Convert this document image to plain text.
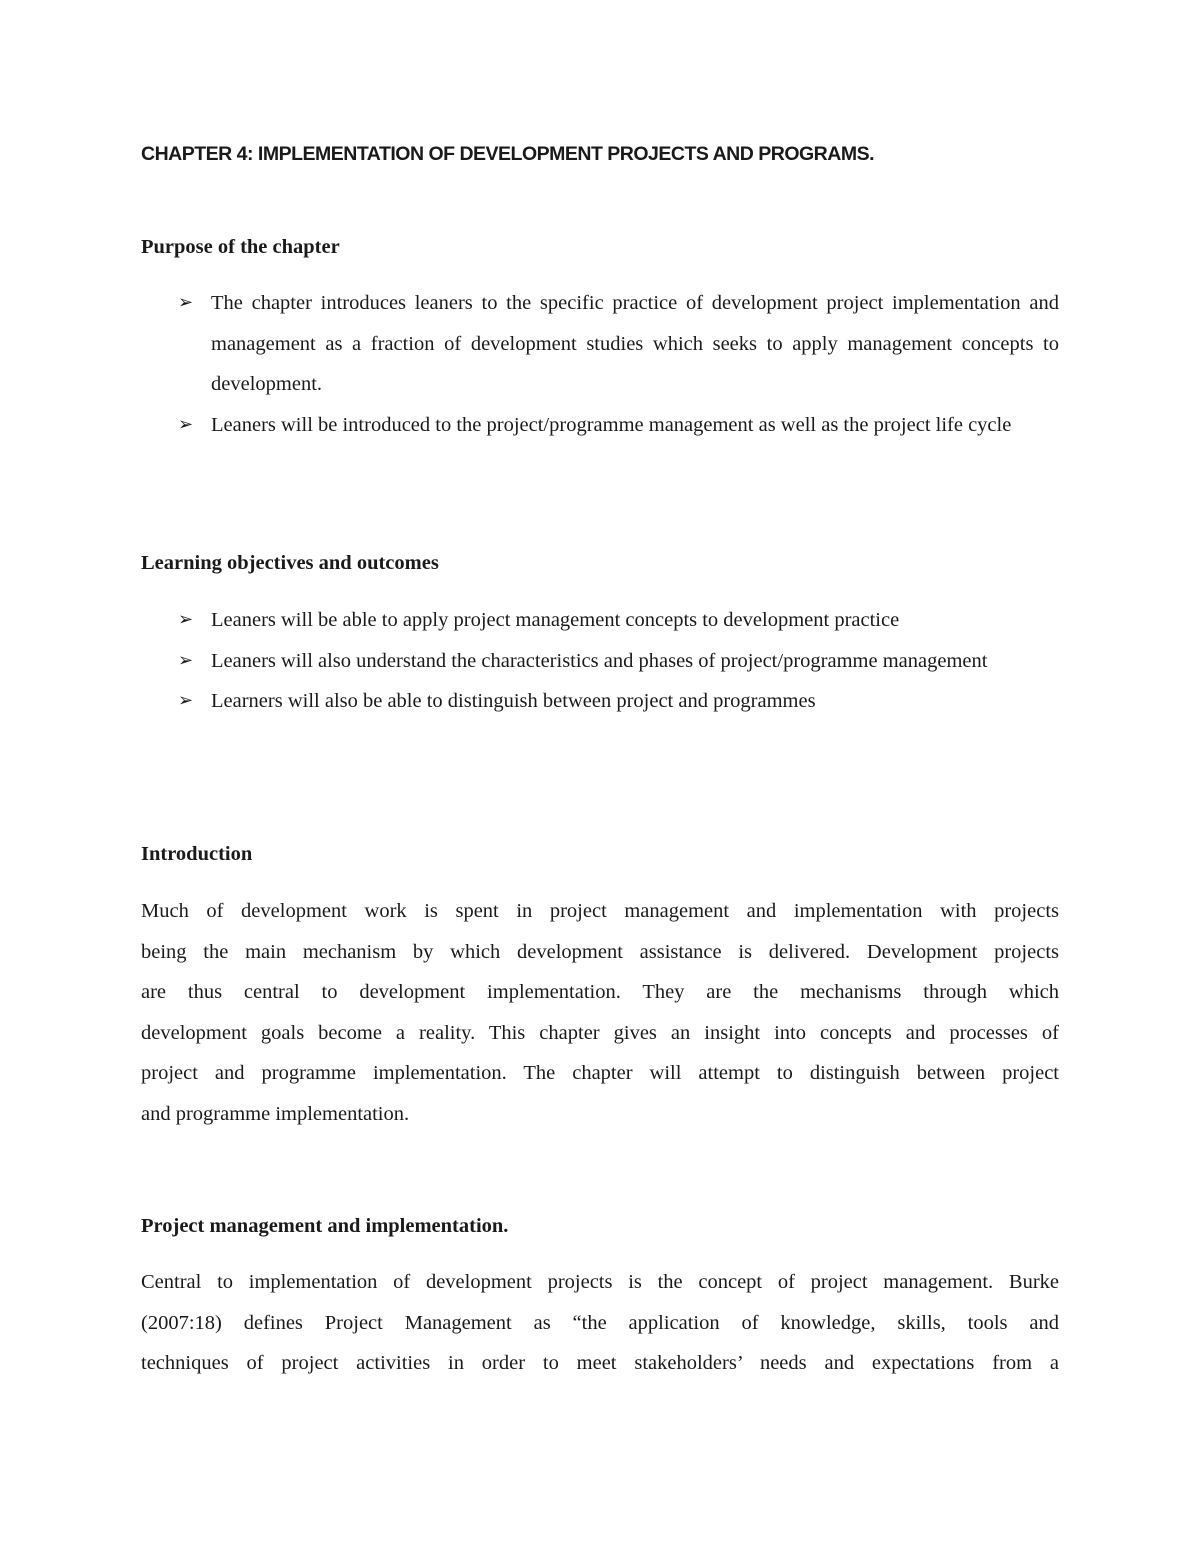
CHAPTER 4: IMPLEMENTATION OF DEVELOPMENT PROJECTS AND PROGRAMS.
Purpose of the chapter
➢ The chapter introduces leaners to the specific practice of development project implementation and management as a fraction of development studies which seeks to apply management concepts to development.
➢ Leaners will be introduced to the project/programme management as well as the project life cycle
Learning objectives and outcomes
➢ Leaners will be able to apply project management concepts to development practice
➢ Leaners will also understand the characteristics and phases of project/programme management
➢ Learners will also be able to distinguish between project and programmes
Introduction

Much of development work is spent in project management and implementation with projects
being the main mechanism by which development assistance is delivered. Development projects
are thus central to development implementation. They are the mechanisms through which
development goals become a reality. This chapter gives an insight into concepts and processes of
project and programme implementation. The chapter will attempt to distinguish between project
and programme implementation.

Project management and implementation.

Central to implementation of development projects is the concept of project management. Burke
(2007:18) defines Project Management as “the application of knowledge, skills, tools and
techniques of project activities in order to meet stakeholders’ needs and expectations from a
